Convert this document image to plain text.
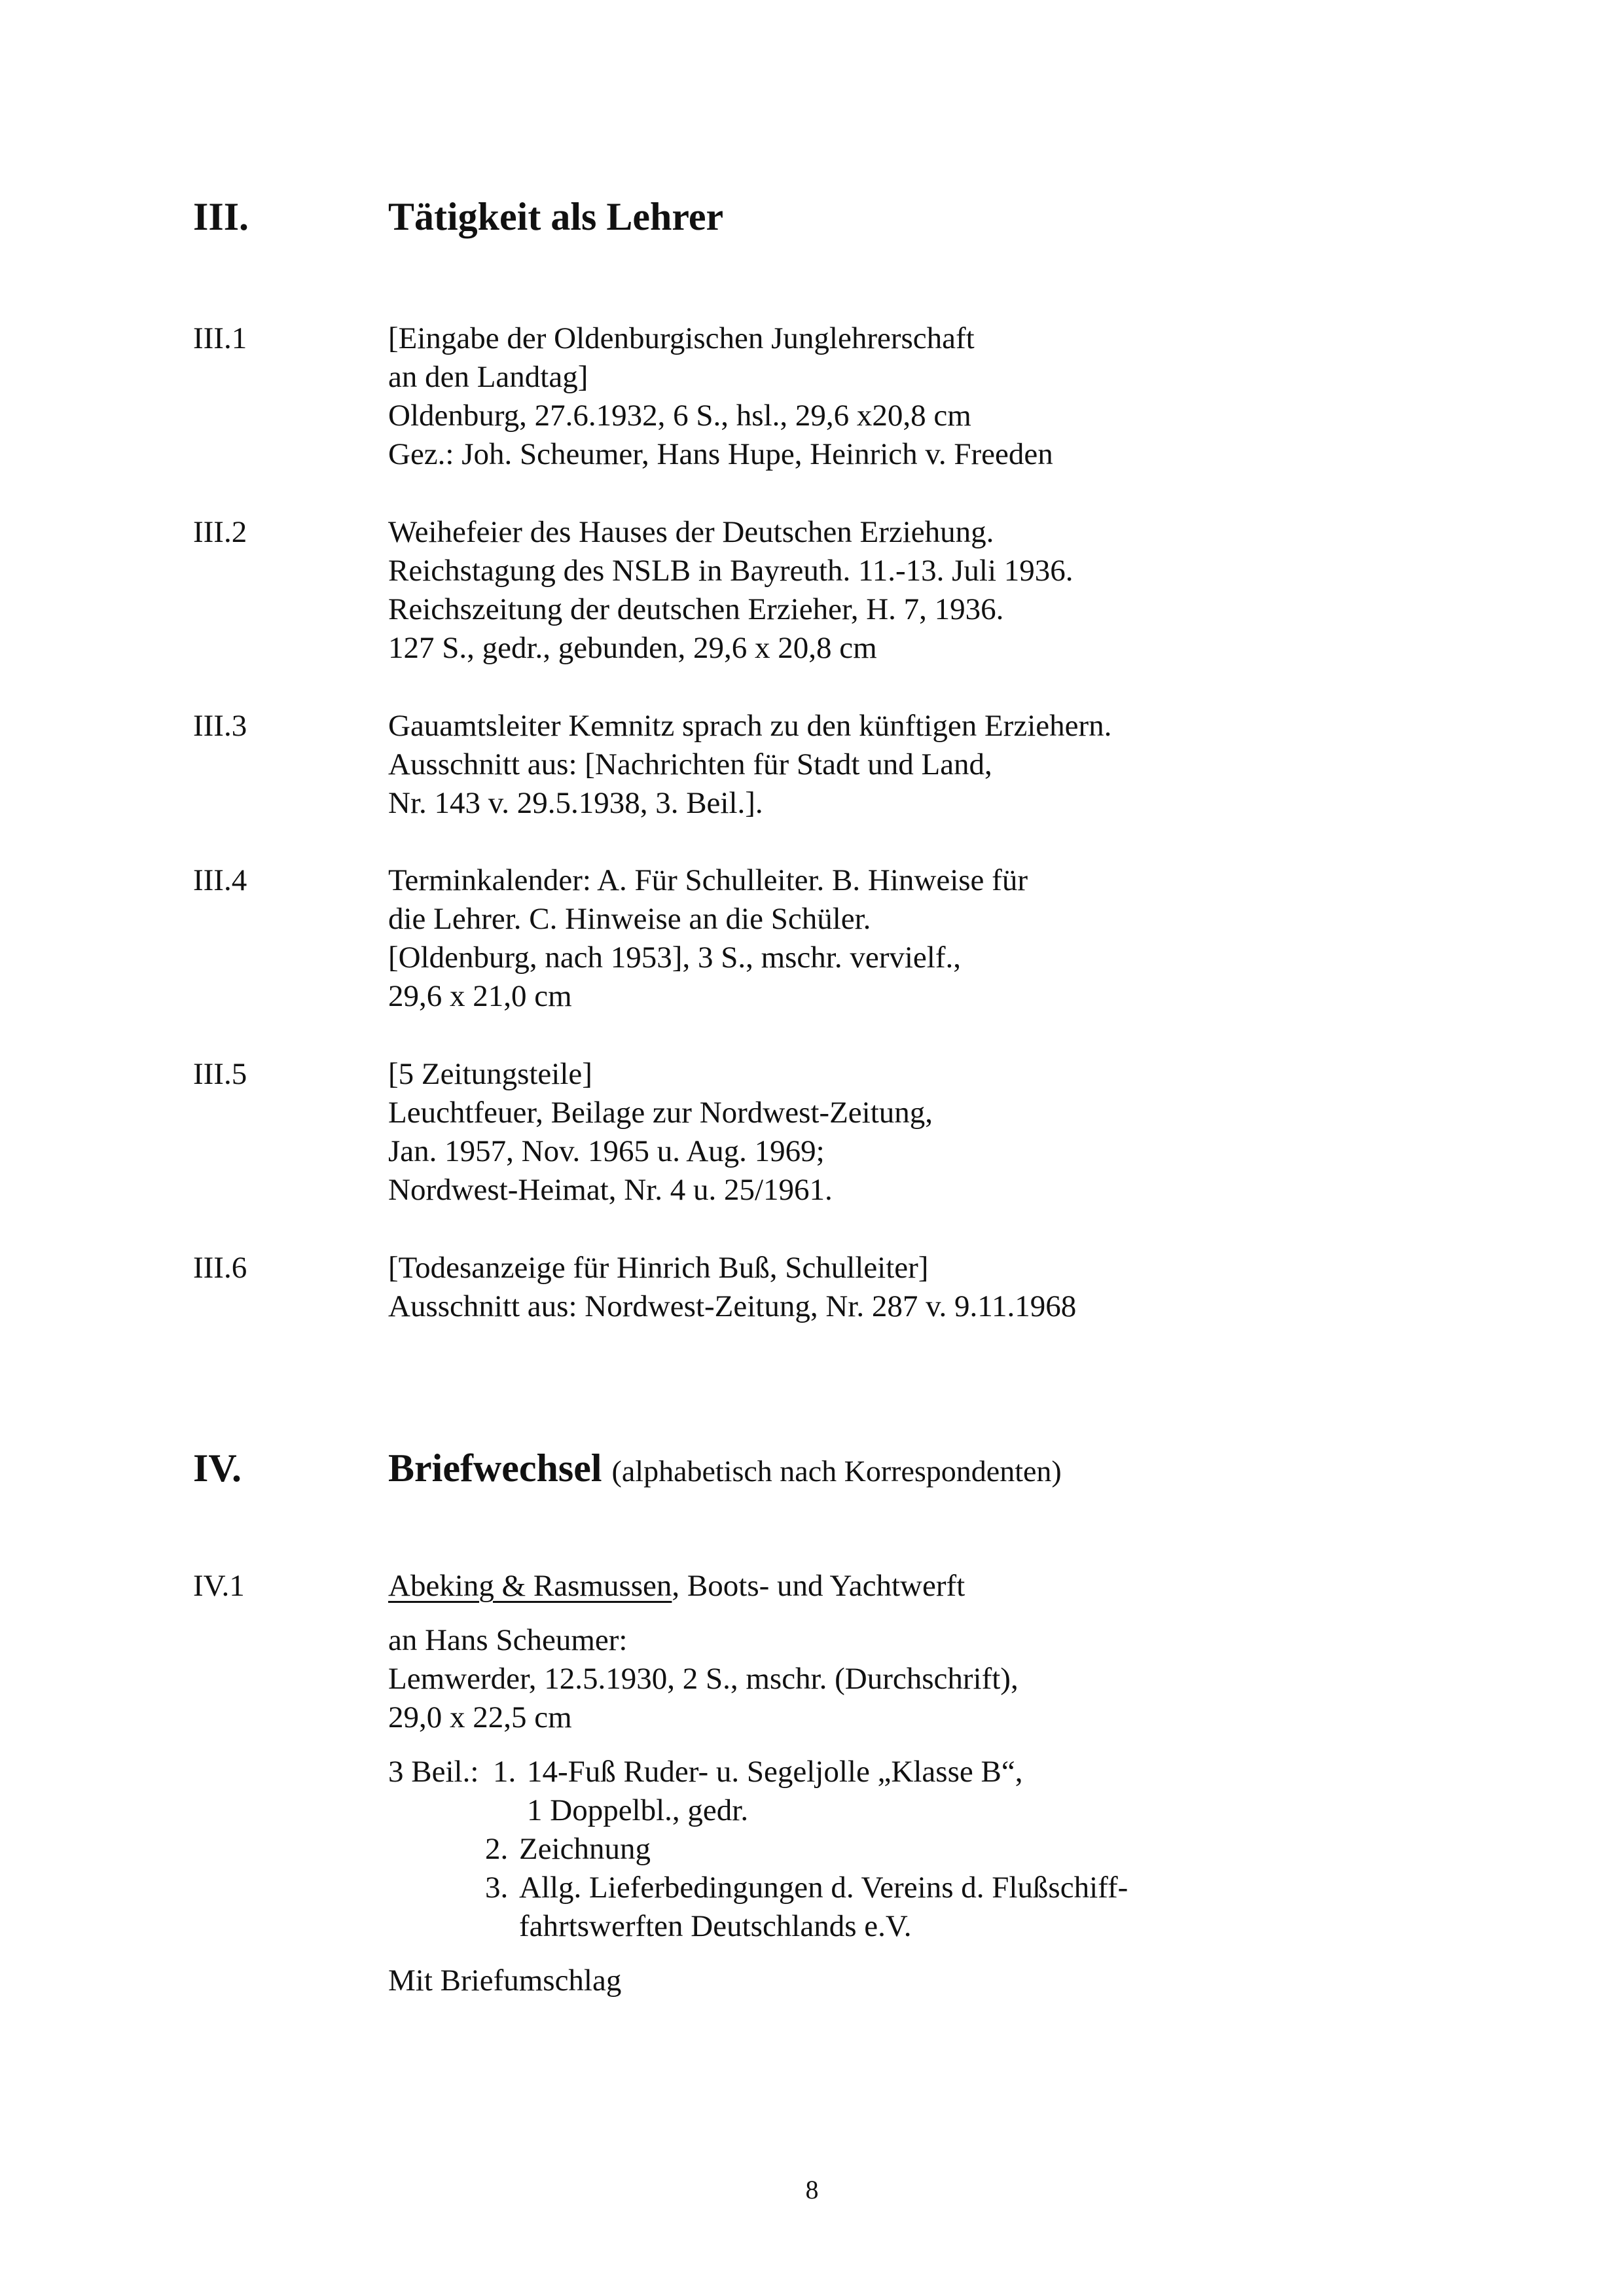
III.	Tätigkeit als Lehrer
III.1	[Eingabe der Oldenburgischen Junglehrerschaft
an den Landtag]
Oldenburg, 27.6.1932, 6 S., hsl., 29,6 x20,8 cm
Gez.: Joh. Scheumer, Hans Hupe, Heinrich v. Freeden
III.2	Weihefeier des Hauses der Deutschen Erziehung.
Reichstagung des NSLB in Bayreuth. 11.-13. Juli 1936.
Reichszeitung der deutschen Erzieher, H. 7, 1936.
127 S., gedr., gebunden, 29,6 x 20,8 cm
III.3	Gauamtsleiter Kemnitz sprach zu den künftigen Erziehern.
Ausschnitt aus: [Nachrichten für Stadt und Land,
Nr. 143 v. 29.5.1938, 3. Beil.].
III.4	Terminkalender: A. Für Schulleiter. B. Hinweise für
die Lehrer. C. Hinweise an die Schüler.
[Oldenburg, nach 1953], 3 S., mschr. vervielf.,
29,6 x 21,0 cm
III.5	[5 Zeitungsteile]
Leuchtfeuer, Beilage zur Nordwest-Zeitung,
Jan. 1957, Nov. 1965 u. Aug. 1969;
Nordwest-Heimat, Nr. 4 u. 25/1961.
III.6	[Todesanzeige für Hinrich Buß, Schulleiter]
Ausschnitt aus: Nordwest-Zeitung, Nr. 287 v. 9.11.1968
IV.	Briefwechsel (alphabetisch nach Korrespondenten)
IV.1	Abeking & Rasmussen, Boots- und Yachtwerft
an Hans Scheumer:
Lemwerder, 12.5.1930, 2 S., mschr. (Durchschrift),
29,0 x 22,5 cm
3 Beil.: 1. 14-Fuß Ruder- u. Segeljolle „Klasse B“,
1 Doppelbl., gedr.
2. Zeichnung
3. Allg. Lieferbedingungen d. Vereins d. Flußschiff-
fahrtswerften Deutschlands e.V.
Mit Briefumschlag
8
